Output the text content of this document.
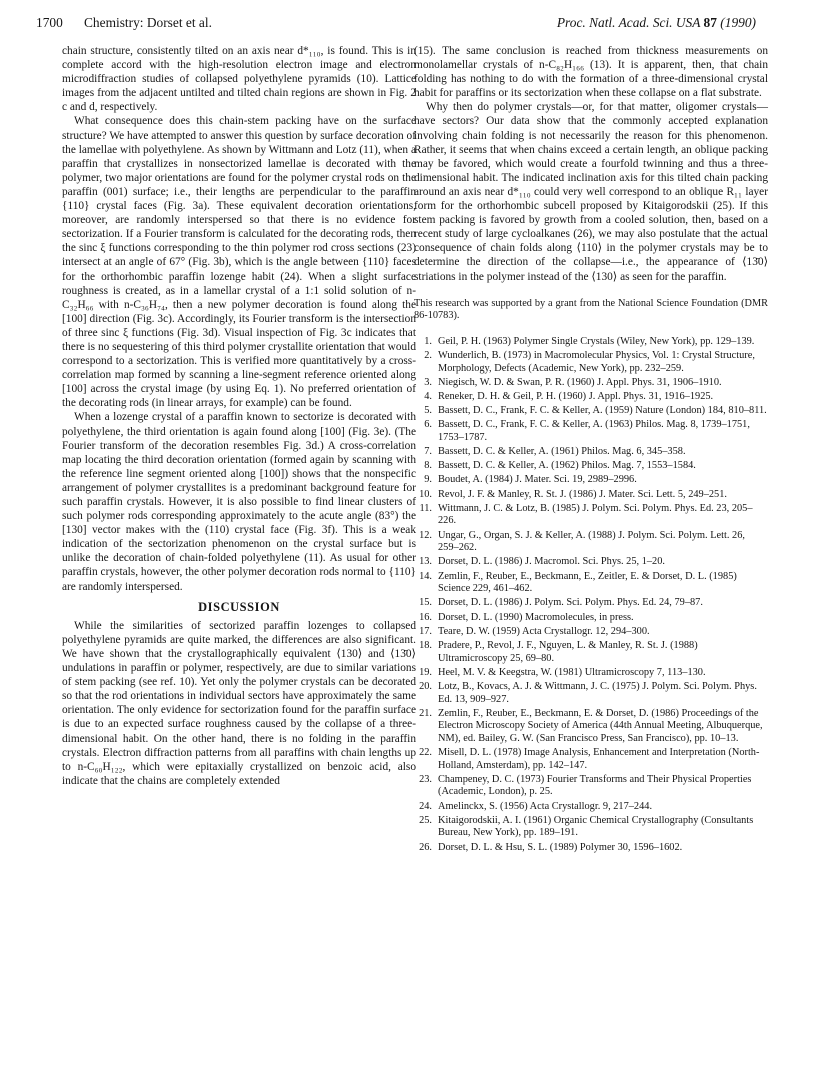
1700 Chemistry: Dorset et al.	Proc. Natl. Acad. Sci. USA 87 (1990)

chain structure, consistently tilted on an axis near d*₁₁₀, is found. This is in complete accord with the high-resolution electron image and electron microdiffraction studies of collapsed polyethylene pyramids (10). Lattice images from the adjacent untilted and tilted chain regions are shown in Fig. 2 c and d, respectively.

What consequence does this chain-stem packing have on the surface structure? We have attempted to answer this question by surface decoration of the lamellae with polyethylene. As shown by Wittmann and Lotz (11), when a paraffin that crystallizes in nonsectorized lamellae is decorated with the polymer, two major orientations are found for the polymer crystal rods on the paraffin (001) surface; i.e., their lengths are perpendicular to the paraffin {110} crystal faces (Fig. 3a). These equivalent decoration orientations, moreover, are randomly interspersed so that there is no evidence for sectorization. If a Fourier transform is calculated for the decorating rods, then the sinc ξ functions corresponding to the thin polymer rod cross sections (23) intersect at an angle of 67° (Fig. 3b), which is the angle between {110} faces for the orthorhombic paraffin lozenge habit (24). When a slight surface roughness is created, as in a lamellar crystal of a 1:1 solid solution of n-C₃₂H₆₆ with n-C₃₆H₇₄, then a new polymer decoration is found along the [100] direction (Fig. 3c). Accordingly, its Fourier transform is the intersection of three sinc ξ functions (Fig. 3d). Visual inspection of Fig. 3c indicates that there is no sequestering of this third polymer crystallite orientation that would correspond to a sectorization. This is verified more quantitatively by a cross-correlation map formed by scanning a line-segment reference oriented along [100] across the crystal image (by using Eq. 1). No preferred orientation of the decorating rods (in linear arrays, for example) can be found.

When a lozenge crystal of a paraffin known to sectorize is decorated with polyethylene, the third orientation is again found along [100] (Fig. 3e). (The Fourier transform of the decoration resembles Fig. 3d.) A cross-correlation map locating the third decoration orientation (formed again by scanning with the reference line segment oriented along [100]) shows that the nonspecific arrangement of polymer crystallites is a predominant background feature for such paraffin crystals. However, it is also possible to find linear clusters of such polymer rods corresponding approximately to the acute angle (83°) the [130] vector makes with the (110) crystal face (Fig. 3f). This is a weak indication of the sectorization phenomenon on the crystal surface but is unlike the decoration of chain-folded polyethylene (11). As usual for other paraffin crystals, however, the other polymer decoration rods normal to {110} are randomly interspersed.

DISCUSSION

While the similarities of sectorized paraffin lozenges to collapsed polyethylene pyramids are quite marked, the differences are also significant. We have shown that the crystallographically equivalent ⟨130⟩ and ⟨13̄0⟩ undulations in paraffin or polymer, respectively, are due to similar variations of stem packing (see ref. 10). Yet only the polymer crystals can be decorated so that the rod orientations in individual sectors have approximately the same orientation. The only evidence for sectorization found for the paraffin surface is due to an expected surface roughness caused by the collapse of a three-dimensional habit. On the other hand, there is no folding in the paraffin crystals. Electron diffraction patterns from all paraffins with chain lengths up to n-C₆₀H₁₂₂, which were epitaxially crystallized on benzoic acid, also indicate that the chains are completely extended

(15). The same conclusion is reached from thickness measurements on monolamellar crystals of n-C₈₂H₁₆₆ (13). It is apparent, then, that chain folding has nothing to do with the formation of a three-dimensional crystal habit for paraffins or its sectorization when these collapse on a flat substrate.

Why then do polymer crystals—or, for that matter, oligomer crystals—have sectors? Our data show that the commonly accepted explanation involving chain folding is not necessarily the reason for this phenomenon. Rather, it seems that when chains exceed a certain length, an oblique packing may be favored, which would create a fourfold twinning and thus a three-dimensional habit. The indicated inclination axis for this tilted chain packing around an axis near d*₁₁₀ could very well correspond to an oblique R₁₁ layer form for the orthorhombic subcell proposed by Kitaigorodskii (25). If this stem packing is favored by growth from a cooled solution, then, based on a recent study of large cycloalkanes (26), we may also postulate that the actual consequence of chain folds along ⟨110⟩ in the polymer crystals may be to determine the direction of the collapse—i.e., the appearance of ⟨13̄0⟩ striations in the polymer instead of the ⟨130⟩ as seen for the paraffin.

This research was supported by a grant from the National Science Foundation (DMR 86-10783).

1. Geil, P. H. (1963) Polymer Single Crystals (Wiley, New York), pp. 129–139.
2. Wunderlich, B. (1973) in Macromolecular Physics, Vol. 1: Crystal Structure, Morphology, Defects (Academic, New York), pp. 232–259.
3. Niegisch, W. D. & Swan, P. R. (1960) J. Appl. Phys. 31, 1906–1910.
4. Reneker, D. H. & Geil, P. H. (1960) J. Appl. Phys. 31, 1916–1925.
5. Bassett, D. C., Frank, F. C. & Keller, A. (1959) Nature (London) 184, 810–811.
6. Bassett, D. C., Frank, F. C. & Keller, A. (1963) Philos. Mag. 8, 1739–1751, 1753–1787.
7. Bassett, D. C. & Keller, A. (1961) Philos. Mag. 6, 345–358.
8. Bassett, D. C. & Keller, A. (1962) Philos. Mag. 7, 1553–1584.
9. Boudet, A. (1984) J. Mater. Sci. 19, 2989–2996.
10. Revol, J. F. & Manley, R. St. J. (1986) J. Mater. Sci. Lett. 5, 249–251.
11. Wittmann, J. C. & Lotz, B. (1985) J. Polym. Sci. Polym. Phys. Ed. 23, 205–226.
12. Ungar, G., Organ, S. J. & Keller, A. (1988) J. Polym. Sci. Polym. Lett. 26, 259–262.
13. Dorset, D. L. (1986) J. Macromol. Sci. Phys. 25, 1–20.
14. Zemlin, F., Reuber, E., Beckmann, E., Zeitler, E. & Dorset, D. L. (1985) Science 229, 461–462.
15. Dorset, D. L. (1986) J. Polym. Sci. Polym. Phys. Ed. 24, 79–87.
16. Dorset, D. L. (1990) Macromolecules, in press.
17. Teare, D. W. (1959) Acta Crystallogr. 12, 294–300.
18. Pradere, P., Revol, J. F., Nguyen, L. & Manley, R. St. J. (1988) Ultramicroscopy 25, 69–80.
19. Heel, M. V. & Keegstra, W. (1981) Ultramicroscopy 7, 113–130.
20. Lotz, B., Kovacs, A. J. & Wittmann, J. C. (1975) J. Polym. Sci. Polym. Phys. Ed. 13, 909–927.
21. Zemlin, F., Reuber, E., Beckmann, E. & Dorset, D. (1986) Proceedings of the Electron Microscopy Society of America (44th Annual Meeting, Albuquerque, NM), ed. Bailey, G. W. (San Francisco Press, San Francisco), pp. 10–13.
22. Misell, D. L. (1978) Image Analysis, Enhancement and Interpretation (North-Holland, Amsterdam), pp. 142–147.
23. Champeney, D. C. (1973) Fourier Transforms and Their Physical Properties (Academic, London), p. 25.
24. Amelinckx, S. (1956) Acta Crystallogr. 9, 217–244.
25. Kitaigorodskii, A. I. (1961) Organic Chemical Crystallography (Consultants Bureau, New York), pp. 189–191.
26. Dorset, D. L. & Hsu, S. L. (1989) Polymer 30, 1596–1602.
